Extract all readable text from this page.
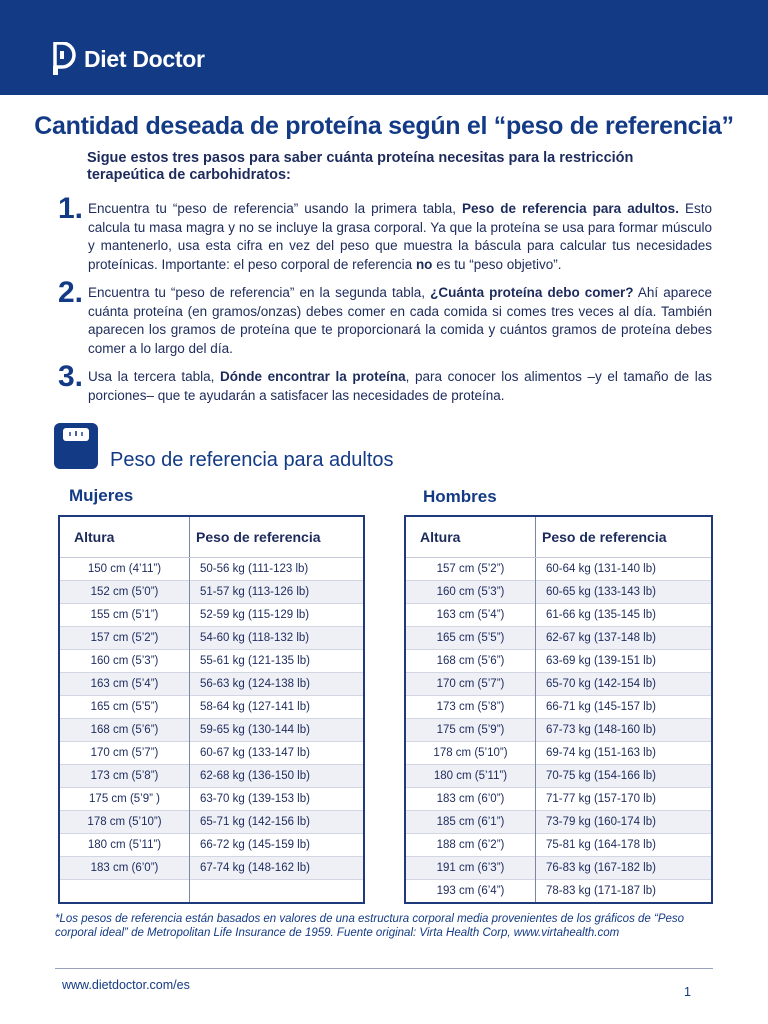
Diet Doctor
Cantidad deseada de proteína según el “peso de referencia”
Sigue estos tres pasos para saber cuánta proteína necesitas para la restricción terapeútica de carbohidratos:
1. Encuentra tu “peso de referencia” usando la primera tabla, Peso de referencia para adultos. Esto calcula tu masa magra y no se incluye la grasa corporal. Ya que la proteína se usa para formar músculo y mantenerlo, usa esta cifra en vez del peso que muestra la báscula para calcular tus necesidades proteínicas. Importante: el peso corporal de referencia no es tu “peso objetivo”.
2. Encuentra tu “peso de referencia” en la segunda tabla, ¿Cuánta proteína debo comer? Ahí aparece cuánta proteína (en gramos/onzas) debes comer en cada comida si comes tres veces al día. También aparecen los gramos de proteína que te proporcionará la comida y cuántos gramos de proteína debes comer a lo largo del día.
3. Usa la tercera tabla, Dónde encontrar la proteína, para conocer los alimentos –y el tamaño de las porciones– que te ayudarán a satisfacer las necesidades de proteína.
Peso de referencia para adultos
Mujeres	Hombres
Altura	Peso de referencia
150 cm (4’11”)	50-56 kg (111-123 lb)
152 cm (5’0”)	51-57 kg (113-126 lb)
155 cm (5’1”)	52-59 kg (115-129 lb)
157 cm (5’2”)	54-60 kg (118-132 lb)
160 cm (5’3”)	55-61 kg (121-135 lb)
163 cm (5’4”)	56-63 kg (124-138 lb)
165 cm (5’5”)	58-64 kg (127-141 lb)
168 cm (5’6”)	59-65 kg (130-144 lb)
170 cm (5’7”)	60-67 kg (133-147 lb)
173 cm (5’8”)	62-68 kg (136-150 lb)
175 cm (5’9” )	63-70 kg (139-153 lb)
178 cm (5’10”)	65-71 kg (142-156 lb)
180 cm (5’11”)	66-72 kg (145-159 lb)
183 cm (6’0”)	67-74 kg (148-162 lb)

Altura	Peso de referencia
157 cm (5’2”)	60-64 kg (131-140 lb)
160 cm (5’3”)	60-65 kg (133-143 lb)
163 cm (5’4”)	61-66 kg (135-145 lb)
165 cm (5’5”)	62-67 kg (137-148 lb)
168 cm (5’6”)	63-69 kg (139-151 lb)
170 cm (5’7”)	65-70 kg (142-154 lb)
173 cm (5’8”)	66-71 kg (145-157 lb)
175 cm (5’9”)	67-73 kg (148-160 lb)
178 cm (5’10”)	69-74 kg (151-163 lb)
180 cm (5’11”)	70-75 kg (154-166 lb)
183 cm (6’0”)	71-77 kg (157-170 lb)
185 cm (6’1”)	73-79 kg (160-174 lb)
188 cm (6’2”)	75-81 kg (164-178 lb)
191 cm (6’3”)	76-83 kg (167-182 lb)
193 cm (6’4”)	78-83 kg (171-187 lb)
*Los pesos de referencia están basados en valores de una estructura corporal media provenientes de los gráficos de “Peso corporal ideal” de Metropolitan Life Insurance de 1959. Fuente original: Virta Health Corp, www.virtahealth.com
www.dietdoctor.com/es	1
